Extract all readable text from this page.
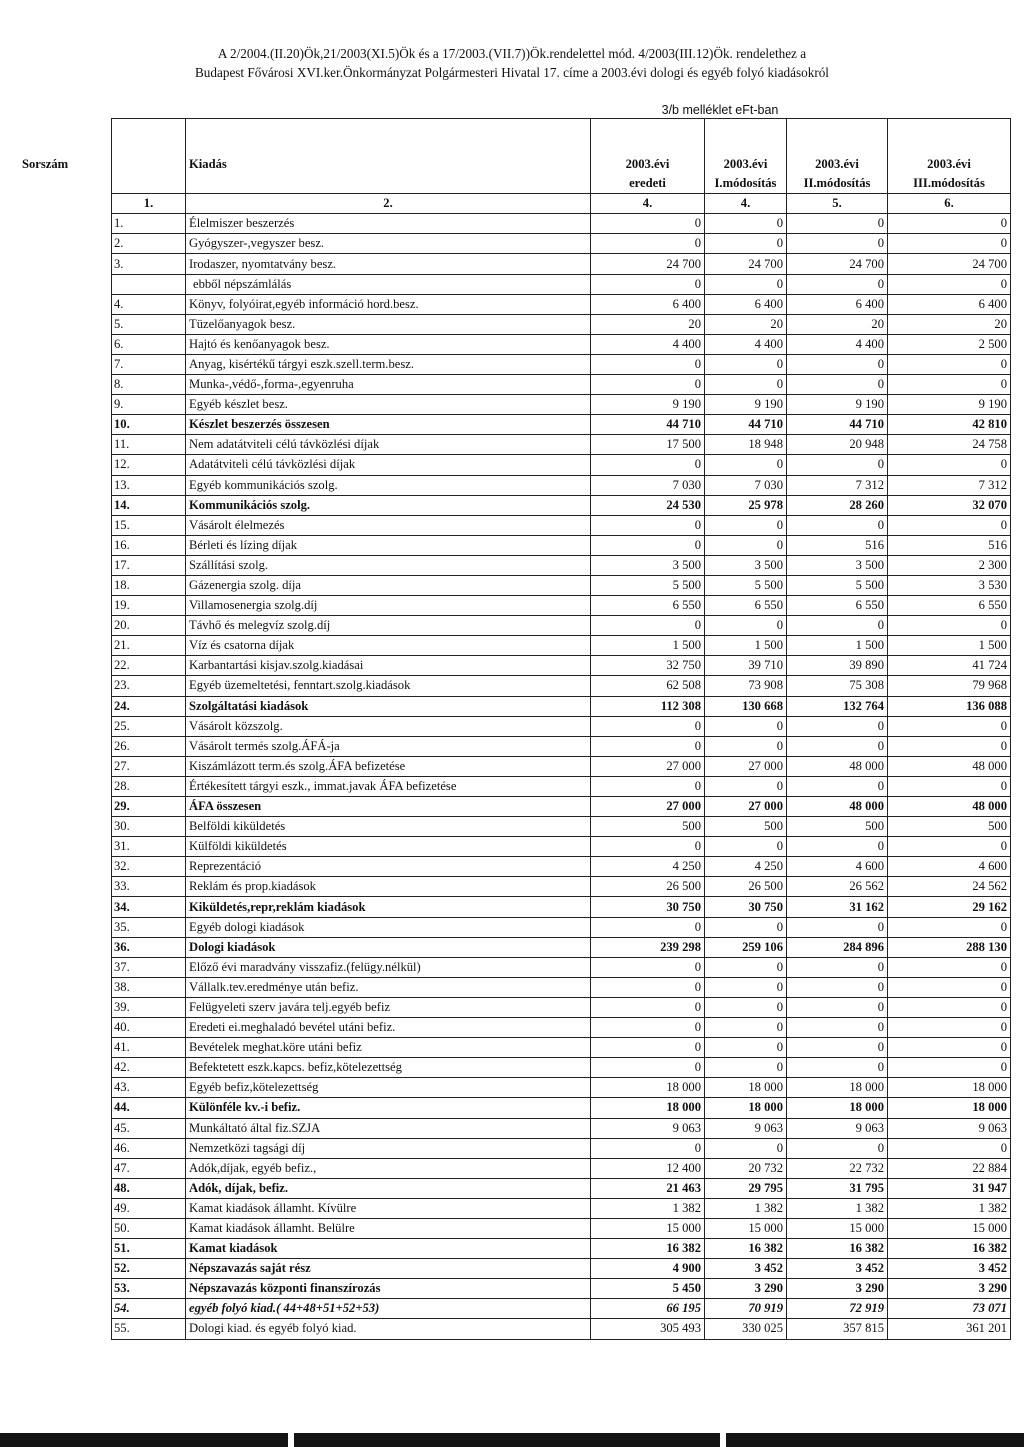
A 2/2004.(II.20)Ök,21/2003(XI.5)Ök és a 17/2003.(VII.7))Ök.rendelettel mód. 4/2003(III.12)Ök. rendelethez a
Budapest Fővárosi XVI.ker.Önkormányzat Polgármesteri Hivatal 17. címe a 2003.évi dologi és egyéb folyó kiadásokról
3/b melléklet eFt-ban

Sorszám	Kiadás	2003.évi	2003.évi	2003.évi	2003.évi
		eredeti	I.módosítás	II.módosítás	III.módosítás
1.	2.	4.	4.	5.	6.
1.	Élelmiszer beszerzés	0	0	0	0
2.	Gyógyszer-,vegyszer besz.	0	0	0	0
3.	Irodaszer, nyomtatvány besz.	24 700	24 700	24 700	24 700
	ebből népszámlálás	0	0	0	0
4.	Könyv, folyóirat,egyéb információ hord.besz.	6 400	6 400	6 400	6 400
5.	Tüzelőanyagok besz.	20	20	20	20
6.	Hajtó és kenőanyagok besz.	4 400	4 400	4 400	2 500
7.	Anyag, kisértékű tárgyi eszk.szell.term.besz.	0	0	0	0
8.	Munka-,védő-,forma-,egyenruha	0	0	0	0
9.	Egyéb készlet besz.	9 190	9 190	9 190	9 190
10.	Készlet beszerzés összesen	44 710	44 710	44 710	42 810
11.	Nem adatátviteli célú távközlési díjak	17 500	18 948	20 948	24 758
12.	Adatátviteli célú távközlési díjak	0	0	0	0
13.	Egyéb kommunikációs szolg.	7 030	7 030	7 312	7 312
14.	Kommunikációs szolg.	24 530	25 978	28 260	32 070
15.	Vásárolt élelmezés	0	0	0	0
16.	Bérleti és lízing díjak	0	0	516	516
17.	Szállítási szolg.	3 500	3 500	3 500	2 300
18.	Gázenergia szolg. díja	5 500	5 500	5 500	3 530
19.	Villamosenergia szolg.díj	6 550	6 550	6 550	6 550
20.	Távhő és melegvíz szolg.díj	0	0	0	0
21.	Víz és csatorna díjak	1 500	1 500	1 500	1 500
22.	Karbantartási kisjav.szolg.kiadásai	32 750	39 710	39 890	41 724
23.	Egyéb üzemeltetési, fenntart.szolg.kiadások	62 508	73 908	75 308	79 968
24.	Szolgáltatási kiadások	112 308	130 668	132 764	136 088
25.	Vásárolt közszolg.	0	0	0	0
26.	Vásárolt termés szolg.ÁFÁ-ja	0	0	0	0
27.	Kiszámlázott term.és szolg.ÁFA befizetése	27 000	27 000	48 000	48 000
28.	Értékesített tárgyi eszk., immat.javak ÁFA befizetése	0	0	0	0
29.	ÁFA összesen	27 000	27 000	48 000	48 000
30.	Belföldi kiküldetés	500	500	500	500
31.	Külföldi kiküldetés	0	0	0	0
32.	Reprezentáció	4 250	4 250	4 600	4 600
33.	Reklám és prop.kiadások	26 500	26 500	26 562	24 562
34.	Kiküldetés,repr,reklám kiadások	30 750	30 750	31 162	29 162
35.	Egyéb dologi kiadások	0	0	0	0
36.	Dologi kiadások	239 298	259 106	284 896	288 130
37.	Előző évi maradvány visszafiz.(felügy.nélkül)	0	0	0	0
38.	Vállalk.tev.eredménye után befiz.	0	0	0	0
39.	Felügyeleti szerv javára telj.egyéb befiz	0	0	0	0
40.	Eredeti ei.meghaladó bevétel utáni befiz.	0	0	0	0
41.	Bevételek meghat.köre utáni befiz	0	0	0	0
42.	Befektetett eszk.kapcs. befiz,kötelezettség	0	0	0	0
43.	Egyéb befiz,kötelezettség	18 000	18 000	18 000	18 000
44.	Különféle kv.-i befiz.	18 000	18 000	18 000	18 000
45.	Munkáltató által fiz.SZJA	9 063	9 063	9 063	9 063
46.	Nemzetközi tagsági díj	0	0	0	0
47.	Adók,díjak, egyéb befiz.,	12 400	20 732	22 732	22 884
48.	Adók, díjak, befiz.	21 463	29 795	31 795	31 947
49.	Kamat kiadások államht. Kívülre	1 382	1 382	1 382	1 382
50.	Kamat kiadások államht. Belülre	15 000	15 000	15 000	15 000
51.	Kamat kiadások	16 382	16 382	16 382	16 382
52.	Népszavazás saját rész	4 900	3 452	3 452	3 452
53.	Népszavazás központi finanszírozás	5 450	3 290	3 290	3 290
54.	egyéb folyó kiad.( 44+48+51+52+53)	66 195	70 919	72 919	73 071
55.	Dologi kiad. és egyéb folyó kiad.	305 493	330 025	357 815	361 201
